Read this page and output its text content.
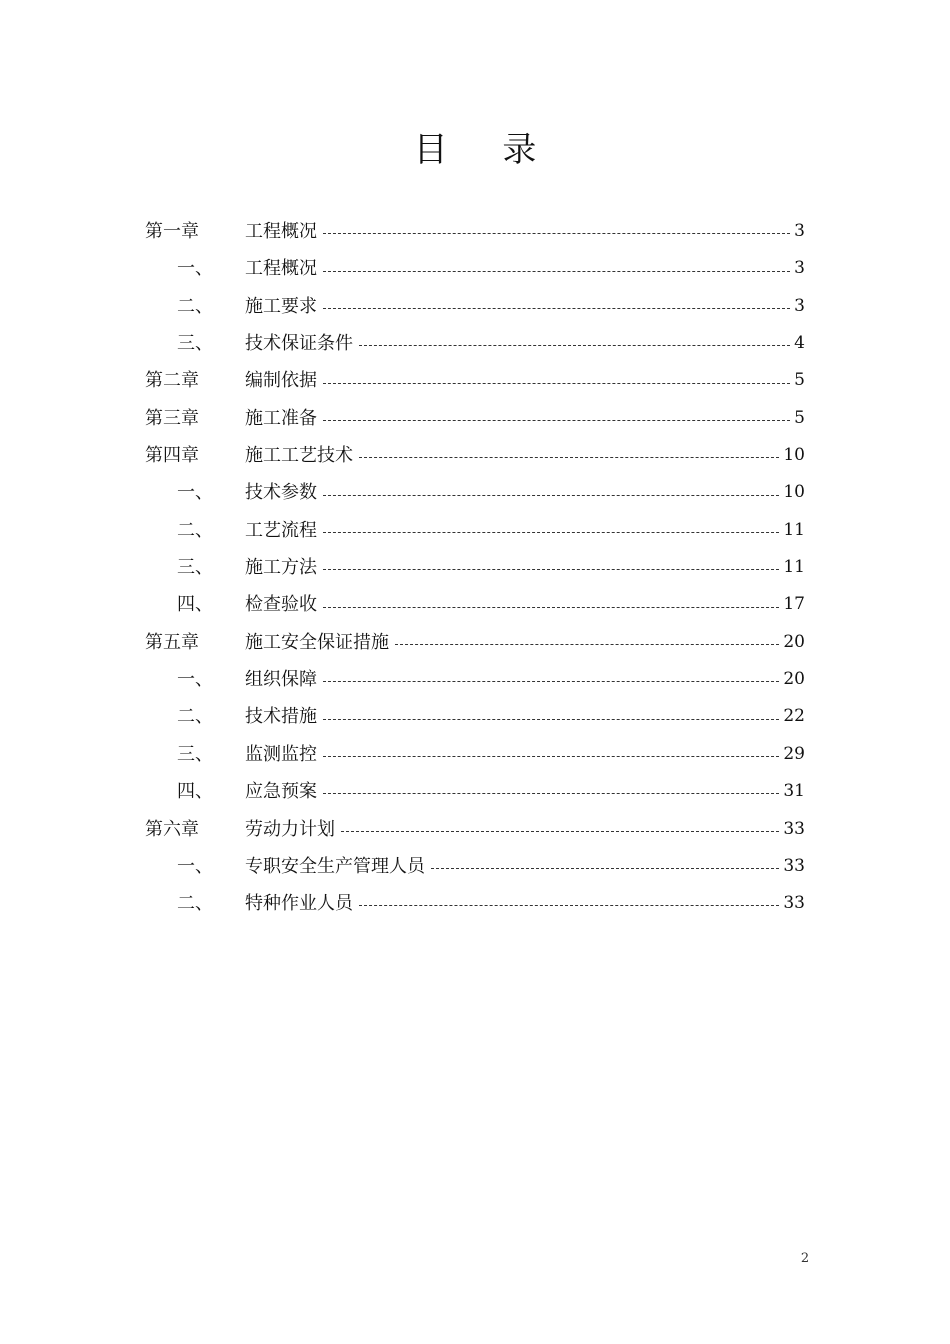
目 录
第一章	工程概况	3
一、 工程概况	3
二、 施工要求	3
三、 技术保证条件	4
第二章	编制依据	5
第三章	施工准备	5
第四章	施工工艺技术	10
一、 技术参数	10
二、 工艺流程	11
三、 施工方法	11
四、 检查验收	17
第五章	施工安全保证措施	20
一、 组织保障	20
二、 技术措施	22
三、 监测监控	29
四、 应急预案	31
第六章	劳动力计划	33
一、 专职安全生产管理人员	33
二、 特种作业人员	33
2
